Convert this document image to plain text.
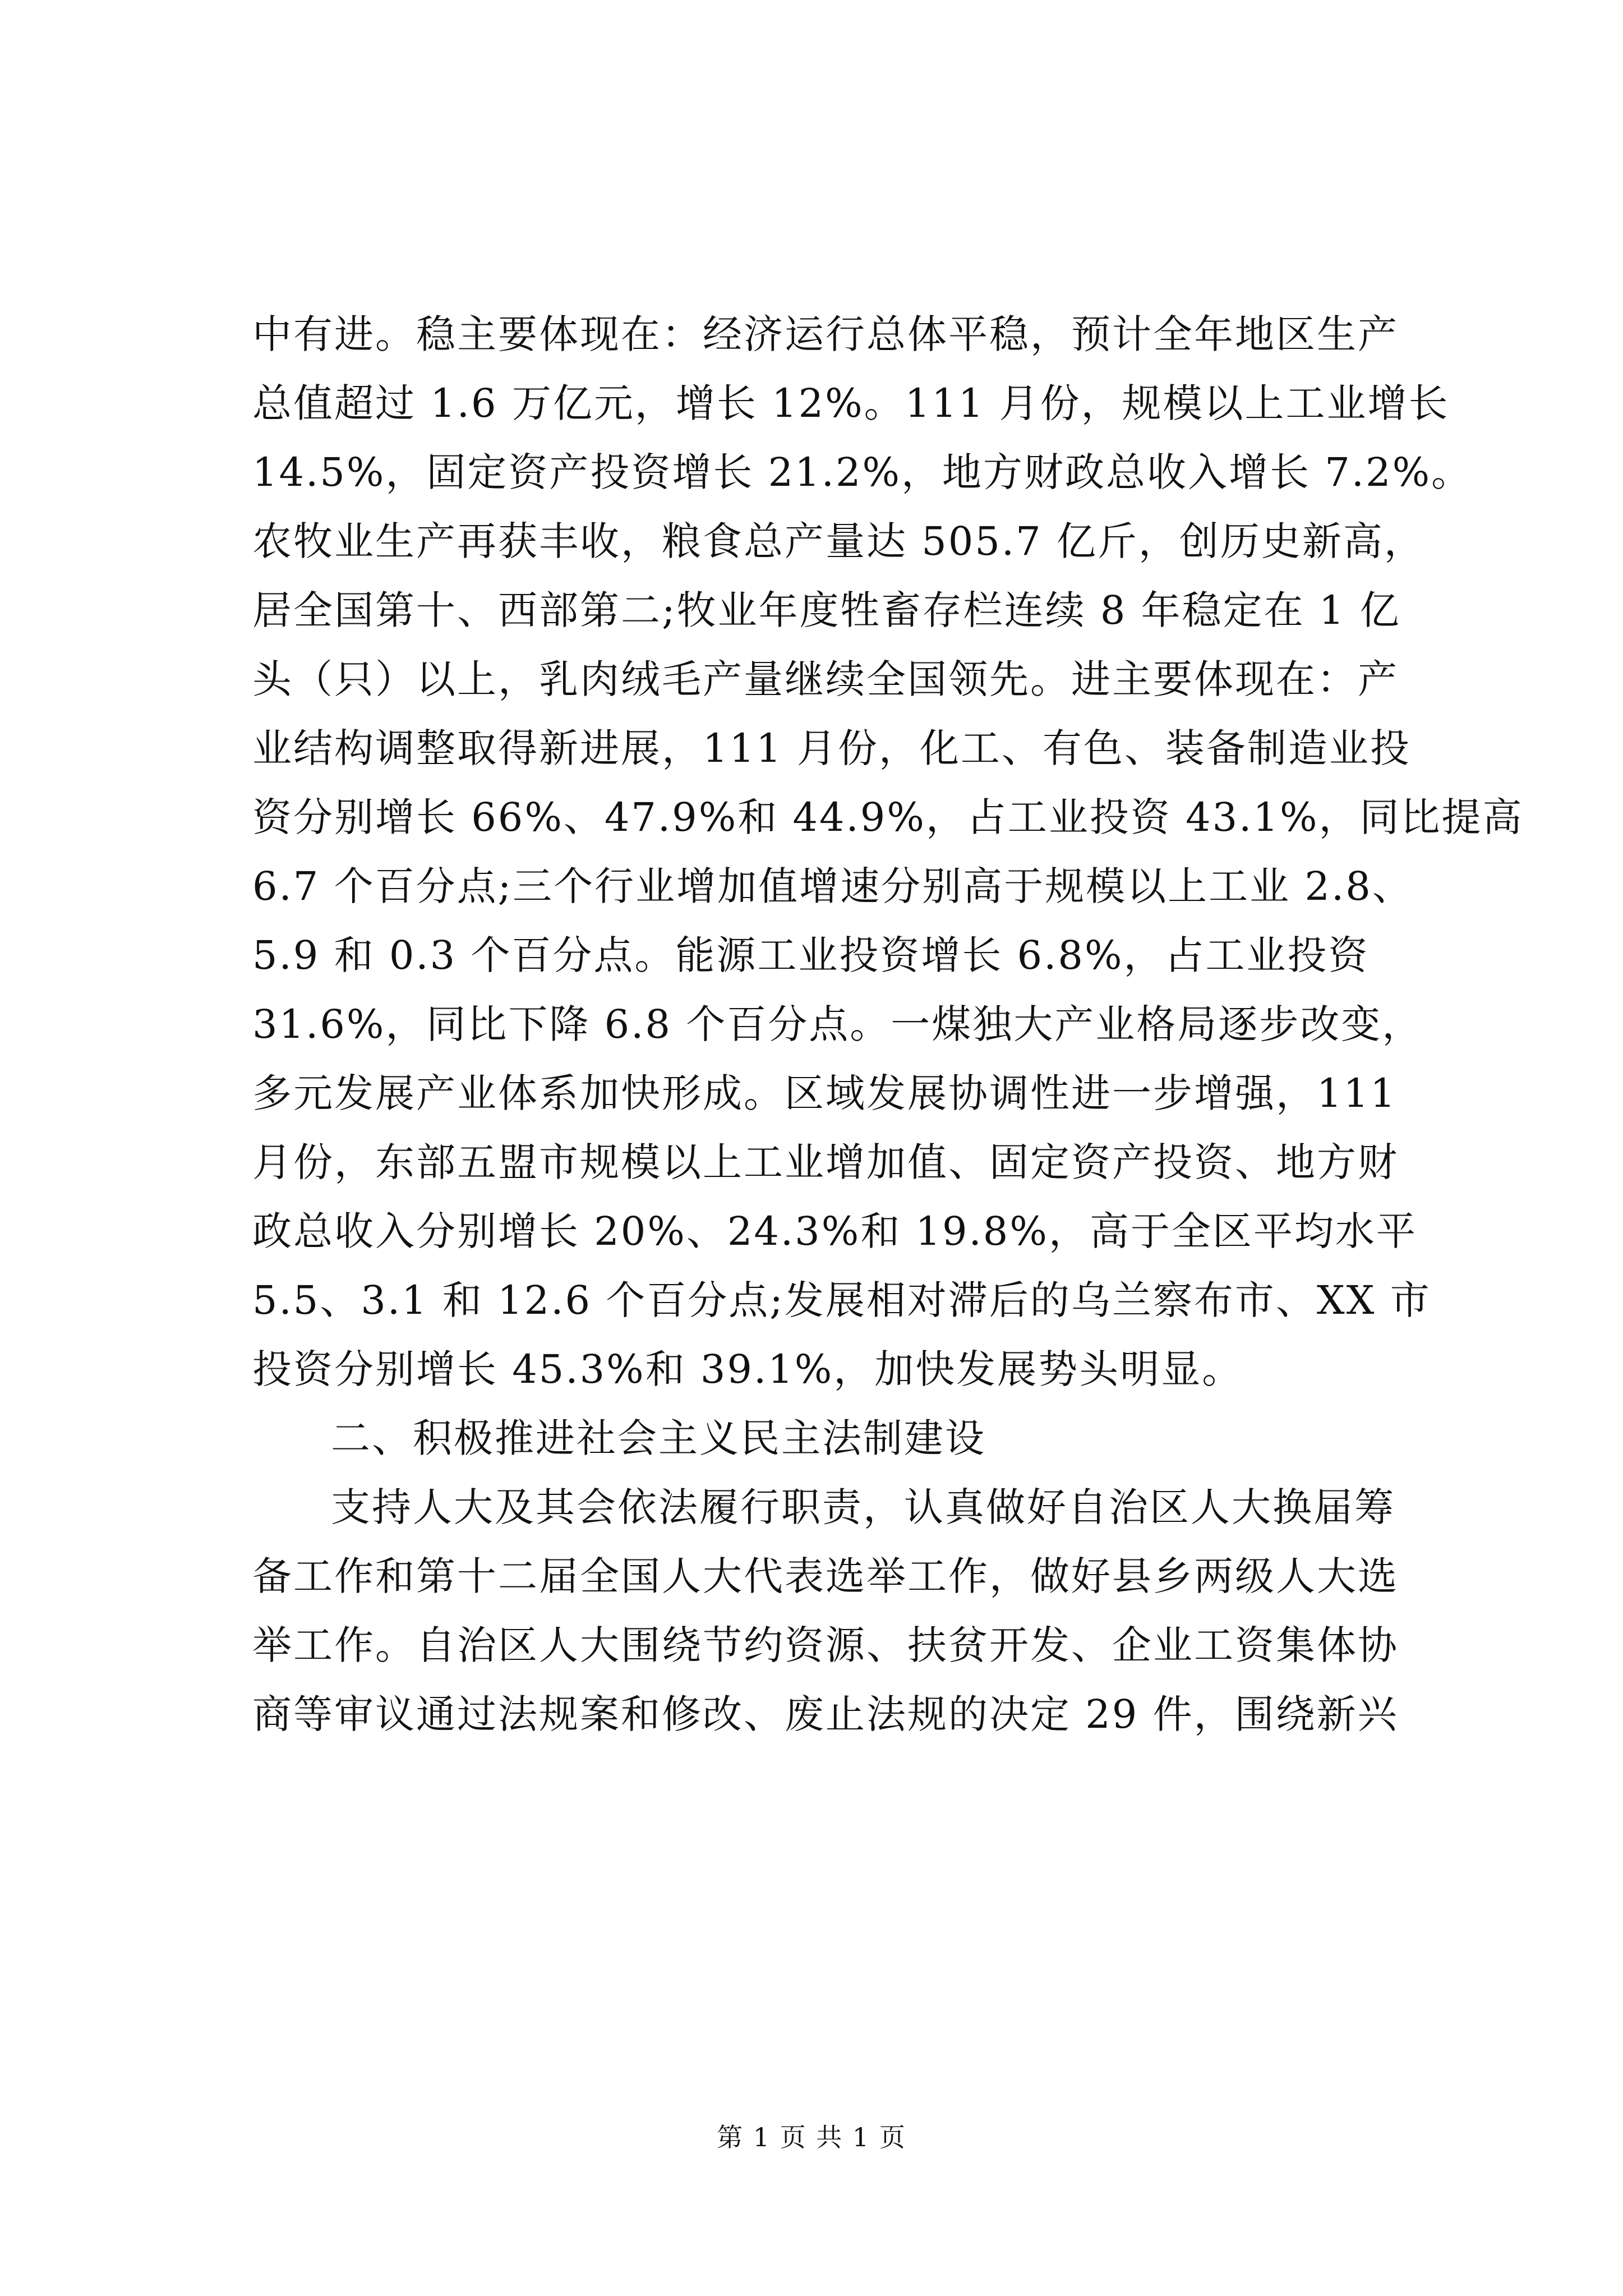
中有进。稳主要体现在：经济运行总体平稳，预计全年地区生产
总值超过 1.6 万亿元，增长 12%。111 月份，规模以上工业增长
14.5%，固定资产投资增长 21.2%，地方财政总收入增长 7.2%。
农牧业生产再获丰收，粮食总产量达 505.7 亿斤，创历史新高，
居全国第十、西部第二;牧业年度牲畜存栏连续 8 年稳定在 1 亿
头（只）以上，乳肉绒毛产量继续全国领先。进主要体现在：产
业结构调整取得新进展，111 月份，化工、有色、装备制造业投
资分别增长 66%、47.9%和 44.9%，占工业投资 43.1%，同比提高
6.7 个百分点;三个行业增加值增速分别高于规模以上工业 2.8、
5.9 和 0.3 个百分点。能源工业投资增长 6.8%，占工业投资
31.6%，同比下降 6.8 个百分点。一煤独大产业格局逐步改变，
多元发展产业体系加快形成。区域发展协调性进一步增强，111
月份，东部五盟市规模以上工业增加值、固定资产投资、地方财
政总收入分别增长 20%、24.3%和 19.8%，高于全区平均水平
5.5、3.1 和 12.6 个百分点;发展相对滞后的乌兰察布市、XX 市
投资分别增长 45.3%和 39.1%，加快发展势头明显。
二、积极推进社会主义民主法制建设
支持人大及其会依法履行职责，认真做好自治区人大换届筹
备工作和第十二届全国人大代表选举工作，做好县乡两级人大选
举工作。自治区人大围绕节约资源、扶贫开发、企业工资集体协
商等审议通过法规案和修改、废止法规的决定 29 件，围绕新兴
第 1 页 共 1 页
